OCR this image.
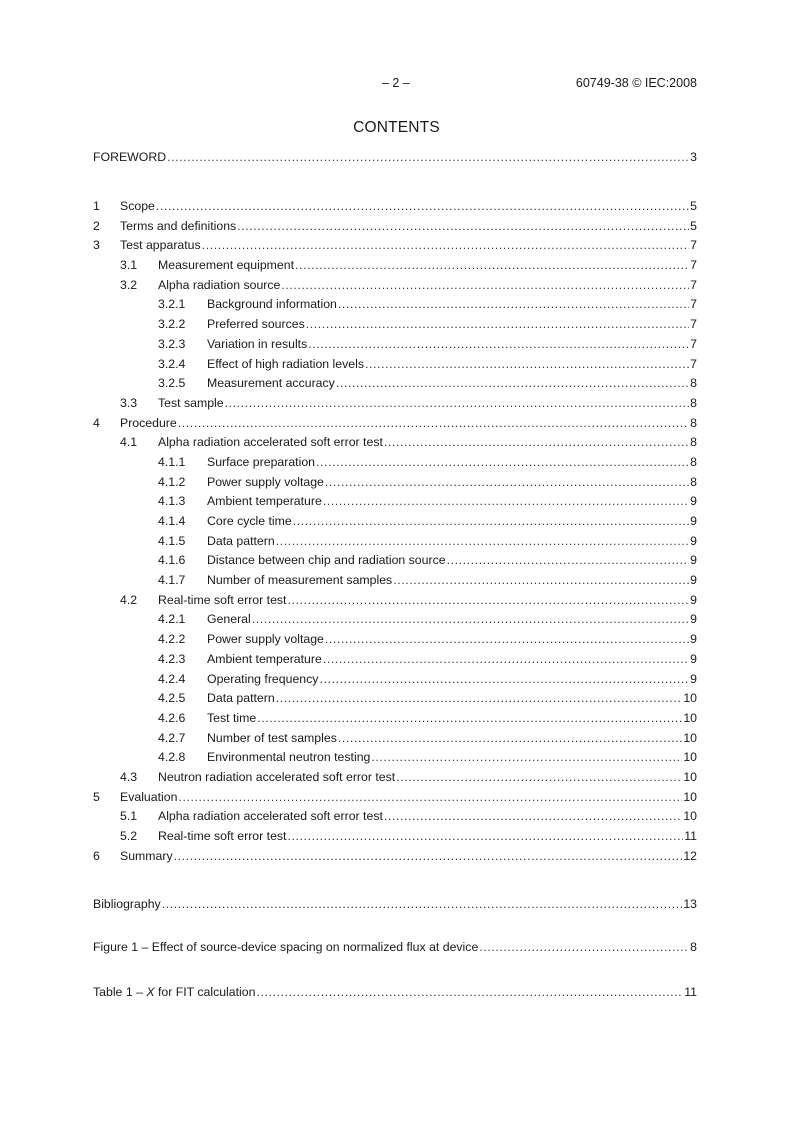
– 2 –	60749-38 © IEC:2008
CONTENTS
FOREWORD .....	3
1	Scope .....	5
2	Terms and definitions .....	5
3	Test apparatus .....	7
3.1	Measurement equipment .....	7
3.2	Alpha radiation source .....	7
3.2.1	Background information .....	7
3.2.2	Preferred sources .....	7
3.2.3	Variation in results .....	7
3.2.4	Effect of high radiation levels .....	7
3.2.5	Measurement accuracy .....	8
3.3	Test sample .....	8
4	Procedure .....	8
4.1	Alpha radiation accelerated soft error test .....	8
4.1.1	Surface preparation .....	8
4.1.2	Power supply voltage .....	8
4.1.3	Ambient temperature .....	9
4.1.4	Core cycle time .....	9
4.1.5	Data pattern .....	9
4.1.6	Distance between chip and radiation source .....	9
4.1.7	Number of measurement samples .....	9
4.2	Real-time soft error test .....	9
4.2.1	General .....	9
4.2.2	Power supply voltage .....	9
4.2.3	Ambient temperature .....	9
4.2.4	Operating frequency .....	9
4.2.5	Data pattern .....	10
4.2.6	Test time .....	10
4.2.7	Number of test samples .....	10
4.2.8	Environmental neutron testing .....	10
4.3	Neutron radiation accelerated soft error test .....	10
5	Evaluation .....	10
5.1	Alpha radiation accelerated soft error test .....	10
5.2	Real-time soft error test .....	11
6	Summary .....	12
Bibliography .....	13
Figure 1 – Effect of source-device spacing on normalized flux at device .....	8
Table 1 – X for FIT calculation .....	11
